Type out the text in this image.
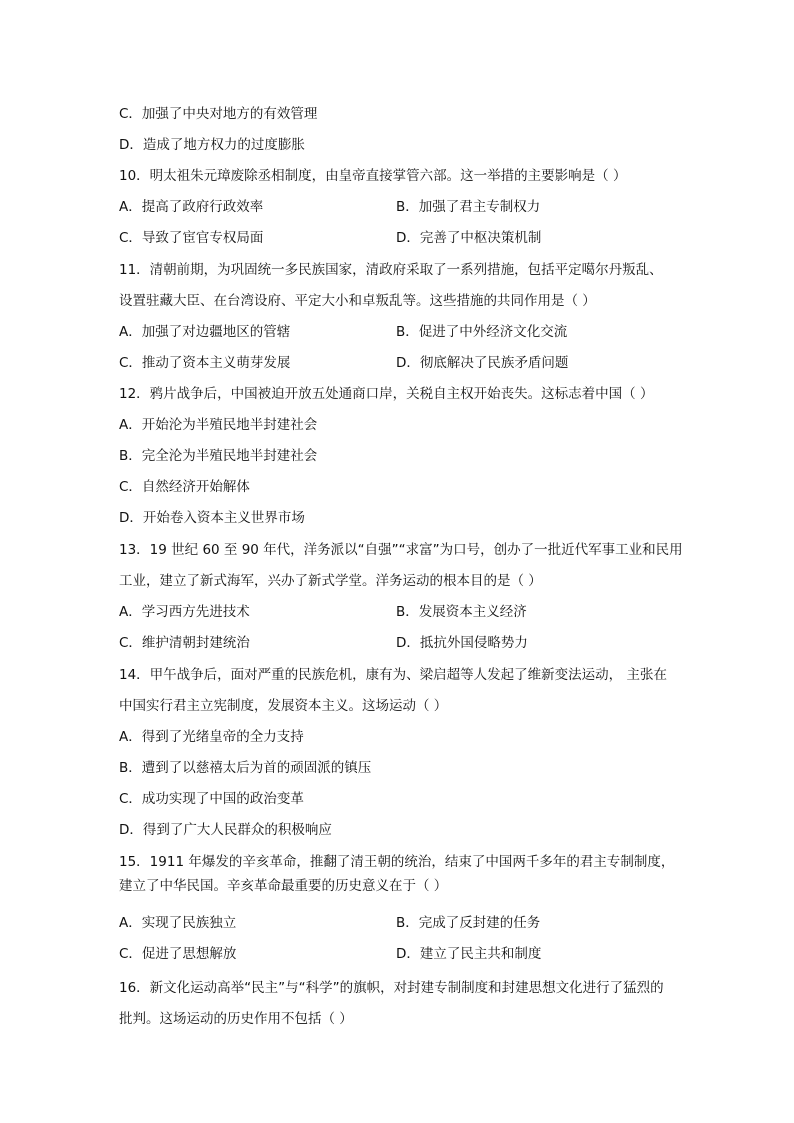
C．加强了中央对地方的有效管理
D．造成了地方权力的过度膨胀
10．明太祖朱元璋废除丞相制度，由皇帝直接掌管六部。这一举措的主要影响是（ ）
A．提高了政府行政效率	B．加强了君主专制权力
C．导致了宦官专权局面	D．完善了中枢决策机制
11．清朝前期，为巩固统一多民族国家，清政府采取了一系列措施，包括平定噶尔丹叛乱、
设置驻藏大臣、在台湾设府、平定大小和卓叛乱等。这些措施的共同作用是（ ）
A．加强了对边疆地区的管辖	B．促进了中外经济文化交流
C．推动了资本主义萌芽发展	D．彻底解决了民族矛盾问题
12．鸦片战争后，中国被迫开放五处通商口岸，关税自主权开始丧失。这标志着中国（ ）
A．开始沦为半殖民地半封建社会
B．完全沦为半殖民地半封建社会
C．自然经济开始解体
D．开始卷入资本主义世界市场
13．19 世纪 60 至 90 年代，洋务派以“自强”“求富”为口号，创办了一批近代军事工业和民用
工业，建立了新式海军，兴办了新式学堂。洋务运动的根本目的是（ ）
A．学习西方先进技术	B．发展资本主义经济
C．维护清朝封建统治	D．抵抗外国侵略势力
14．甲午战争后，面对严重的民族危机，康有为、梁启超等人发起了维新变法运动， 主张在
中国实行君主立宪制度，发展资本主义。这场运动（ ）
A．得到了光绪皇帝的全力支持
B．遭到了以慈禧太后为首的顽固派的镇压
C．成功实现了中国的政治变革
D．得到了广大人民群众的积极响应
15．1911 年爆发的辛亥革命，推翻了清王朝的统治，结束了中国两千多年的君主专制制度，
建立了中华民国。辛亥革命最重要的历史意义在于（ ）
A．实现了民族独立	B．完成了反封建的任务
C．促进了思想解放	D．建立了民主共和制度
16．新文化运动高举“民主”与“科学”的旗帜，对封建专制制度和封建思想文化进行了猛烈的
批判。这场运动的历史作用不包括（ ）
